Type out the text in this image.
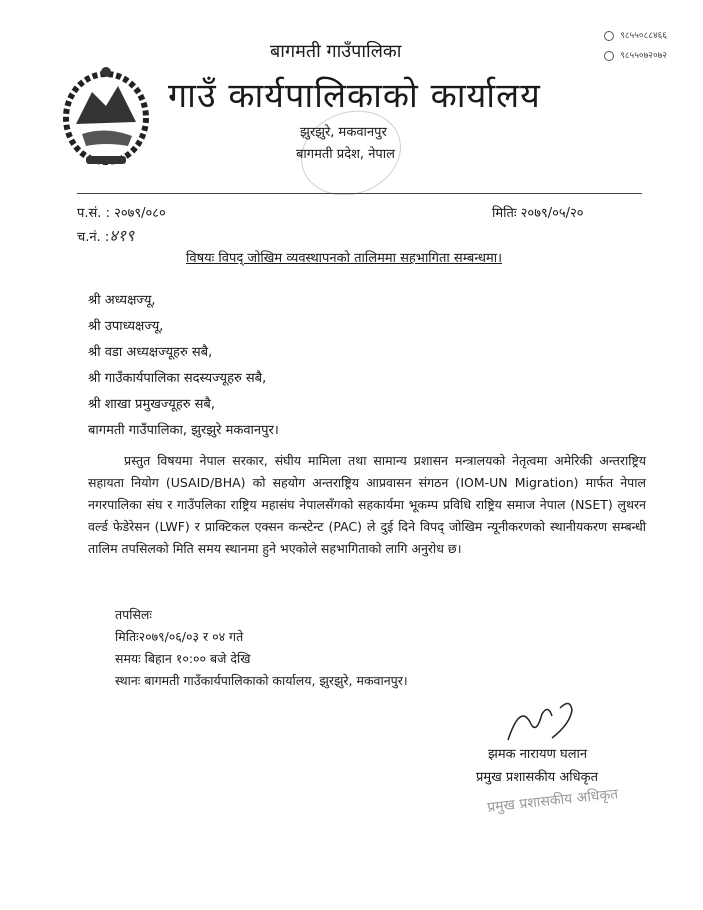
९८५५०८८४६६
९८५५०७२०७२
बागमती गाउँपालिका
गाउँ कार्यपालिकाको कार्यालय
झुरझुरे, मकवानपुर
बागमती प्रदेश, नेपाल
प.सं. : २०७९/०८०	मितिः २०७९/०५/२०
च.नं. :४१९
विषयः विपद् जोखिम व्यवस्थापनको तालिममा सहभागिता सम्बन्धमा।
श्री अध्यक्षज्यू,
श्री उपाध्यक्षज्यू,
श्री वडा अध्यक्षज्यूहरु सबै,
श्री गाउँकार्यपालिका सदस्यज्यूहरु सबै,
श्री शाखा प्रमुखज्यूहरु सबै,
बागमती गाउँपालिका, झुरझुरे मकवानपुर।
प्रस्तुत विषयमा नेपाल सरकार, संघीय मामिला तथा सामान्य प्रशासन मन्त्रालयको नेतृत्वमा अमेरिकी अन्तराष्ट्रिय सहायता नियोग (USAID/BHA) को सहयोग अन्तराष्ट्रिय आप्रवासन संगठन (IOM-UN Migration) मार्फत नेपाल नगरपालिका संघ र गाउँपलिका राष्ट्रिय महासंघ नेपालसँगको सहकार्यमा भूकम्प प्रविधि राष्ट्रिय समाज नेपाल (NSET) लुथरन वर्ल्ड फेडेरेसन (LWF) र प्राक्टिकल एक्सन कन्स्टेन्ट (PAC) ले दुई दिने विपद् जोखिम न्यूनीकरणको स्थानीयकरण सम्बन्धी तालिम तपसिलको मिति समय स्थानमा हुने भएकोले सहभागिताको लागि अनुरोध छ।
तपसिलः
मितिः२०७९/०६/०३ र ०४ गते
समयः बिहान १०:०० बजे देखि
स्थानः बागमती गाउँकार्यपालिकाको कार्यालय, झुरझुरे, मकवानपुर।
झमक नारायण घलान
प्रमुख प्रशासकीय अधिकृत
प्रमुख प्रशासकीय अधिकृत
